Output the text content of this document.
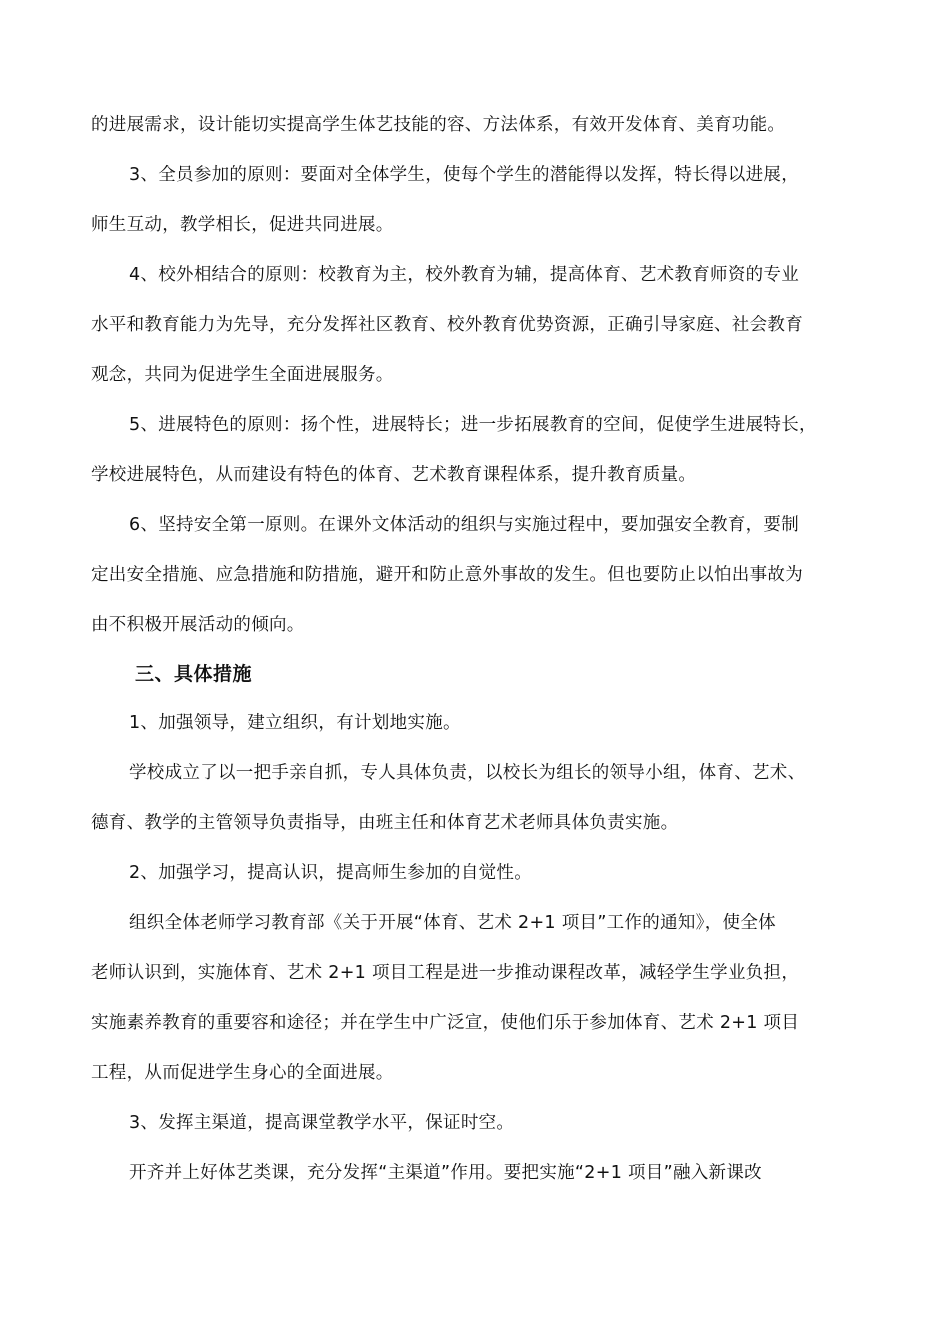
的进展需求，设计能切实提高学生体艺技能的容、方法体系，有效开发体育、美育功能。
3、全员参加的原则：要面对全体学生，使每个学生的潜能得以发挥，特长得以进展，
师生互动，教学相长，促进共同进展。
4、校外相结合的原则：校教育为主，校外教育为辅，提高体育、艺术教育师资的专业
水平和教育能力为先导，充分发挥社区教育、校外教育优势资源，正确引导家庭、社会教育
观念，共同为促进学生全面进展服务。
5、进展特色的原则：扬个性，进展特长；进一步拓展教育的空间，促使学生进展特长，
学校进展特色，从而建设有特色的体育、艺术教育课程体系，提升教育质量。
6、坚持安全第一原则。在课外文体活动的组织与实施过程中，要加强安全教育，要制
定出安全措施、应急措施和防措施，避开和防止意外事故的发生。但也要防止以怕出事故为
由不积极开展活动的倾向。
三、具体措施
1、加强领导，建立组织，有计划地实施。
学校成立了以一把手亲自抓，专人具体负责，以校长为组长的领导小组，体育、艺术、
德育、教学的主管领导负责指导，由班主任和体育艺术老师具体负责实施。
2、加强学习，提高认识，提高师生参加的自觉性。
组织全体老师学习教育部《关于开展“体育、艺术 2+1 项目”工作的通知》，使全体
老师认识到，实施体育、艺术 2+1 项目工程是进一步推动课程改革，减轻学生学业负担，
实施素养教育的重要容和途径；并在学生中广泛宣，使他们乐于参加体育、艺术 2+1 项目
工程，从而促进学生身心的全面进展。
3、发挥主渠道，提高课堂教学水平，保证时空。
开齐并上好体艺类课，充分发挥“主渠道”作用。要把实施“2+1 项目”融入新课改
